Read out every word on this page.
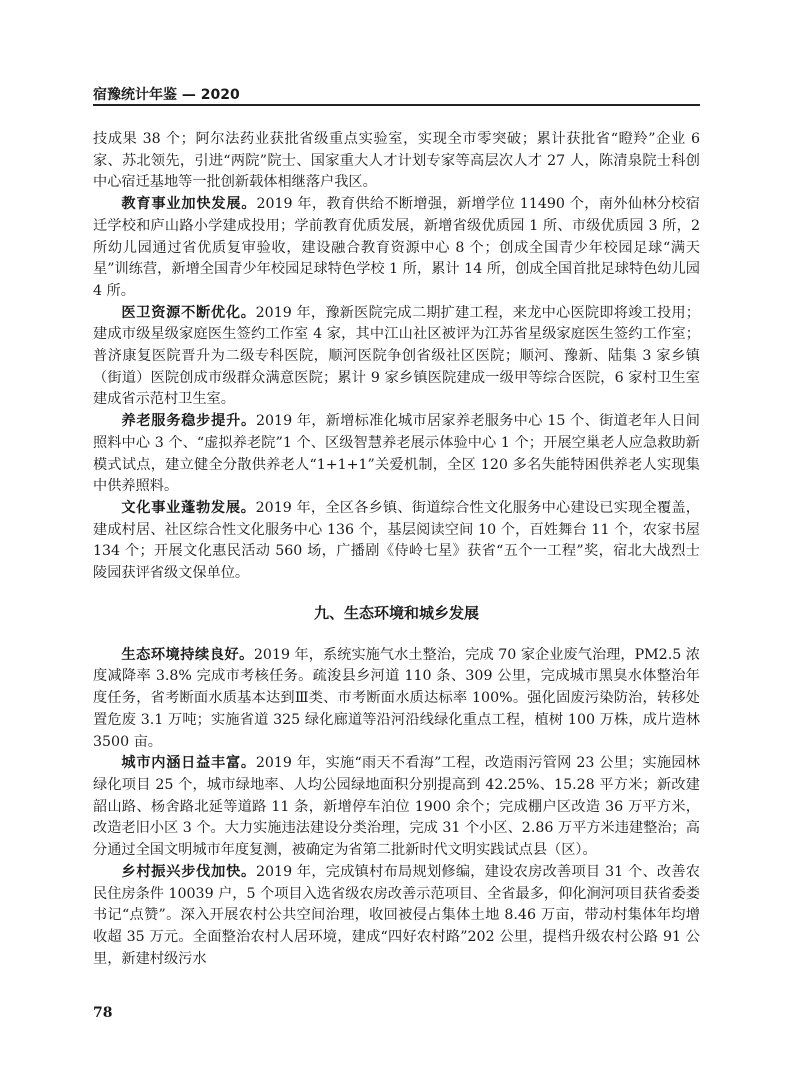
宿豫统计年鉴 — 2020

技成果 38 个；阿尔法药业获批省级重点实验室，实现全市零突破；累计获批省“瞪羚”企业 6 家、苏北领先，引进“两院”院士、国家重大人才计划专家等高层次人才 27 人，陈清泉院士科创中心宿迁基地等一批创新载体相继落户我区。

教育事业加快发展。2019 年，教育供给不断增强，新增学位 11490 个，南外仙林分校宿迁学校和庐山路小学建成投用；学前教育优质发展，新增省级优质园 1 所、市级优质园 3 所，2 所幼儿园通过省优质复审验收，建设融合教育资源中心 8 个；创成全国青少年校园足球“满天星”训练营，新增全国青少年校园足球特色学校 1 所，累计 14 所，创成全国首批足球特色幼儿园 4 所。

医卫资源不断优化。2019 年，豫新医院完成二期扩建工程，来龙中心医院即将竣工投用；建成市级星级家庭医生签约工作室 4 家，其中江山社区被评为江苏省星级家庭医生签约工作室；普济康复医院晋升为二级专科医院，顺河医院争创省级社区医院；顺河、豫新、陆集 3 家乡镇（街道）医院创成市级群众满意医院；累计 9 家乡镇医院建成一级甲等综合医院，6 家村卫生室建成省示范村卫生室。

养老服务稳步提升。2019 年，新增标准化城市居家养老服务中心 15 个、街道老年人日间照料中心 3 个、“虚拟养老院”1 个、区级智慧养老展示体验中心 1 个；开展空巢老人应急救助新模式试点，建立健全分散供养老人“1+1+1”关爱机制，全区 120 多名失能特困供养老人实现集中供养照料。

文化事业蓬勃发展。2019 年，全区各乡镇、街道综合性文化服务中心建设已实现全覆盖，建成村居、社区综合性文化服务中心 136 个，基层阅读空间 10 个，百姓舞台 11 个，农家书屋 134 个；开展文化惠民活动 560 场，广播剧《侍岭七星》获省“五个一工程”奖，宿北大战烈士陵园获评省级文保单位。

九、生态环境和城乡发展

生态环境持续良好。2019 年，系统实施气水土整治，完成 70 家企业废气治理，PM2.5 浓度减降率 3.8% 完成市考核任务。疏浚县乡河道 110 条、309 公里，完成城市黑臭水体整治年度任务，省考断面水质基本达到Ⅲ类、市考断面水质达标率 100%。强化固废污染防治，转移处置危废 3.1 万吨；实施省道 325 绿化廊道等沿河沿线绿化重点工程，植树 100 万株，成片造林 3500 亩。

城市内涵日益丰富。2019 年，实施“雨天不看海”工程，改造雨污管网 23 公里；实施园林绿化项目 25 个，城市绿地率、人均公园绿地面积分别提高到 42.25%、15.28 平方米；新改建韶山路、杨舍路北延等道路 11 条，新增停车泊位 1900 余个；完成棚户区改造 36 万平方米，改造老旧小区 3 个。大力实施违法建设分类治理，完成 31 个小区、2.86 万平方米违建整治；高分通过全国文明城市年度复测，被确定为省第二批新时代文明实践试点县（区）。

乡村振兴步伐加快。2019 年，完成镇村布局规划修编，建设农房改善项目 31 个、改善农民住房条件 10039 户，5 个项目入选省级农房改善示范项目、全省最多，仰化涧河项目获省委娄书记“点赞”。深入开展农村公共空间治理，收回被侵占集体土地 8.46 万亩，带动村集体年均增收超 35 万元。全面整治农村人居环境，建成“四好农村路”202 公里，提档升级农村公路 91 公里，新建村级污水

78
